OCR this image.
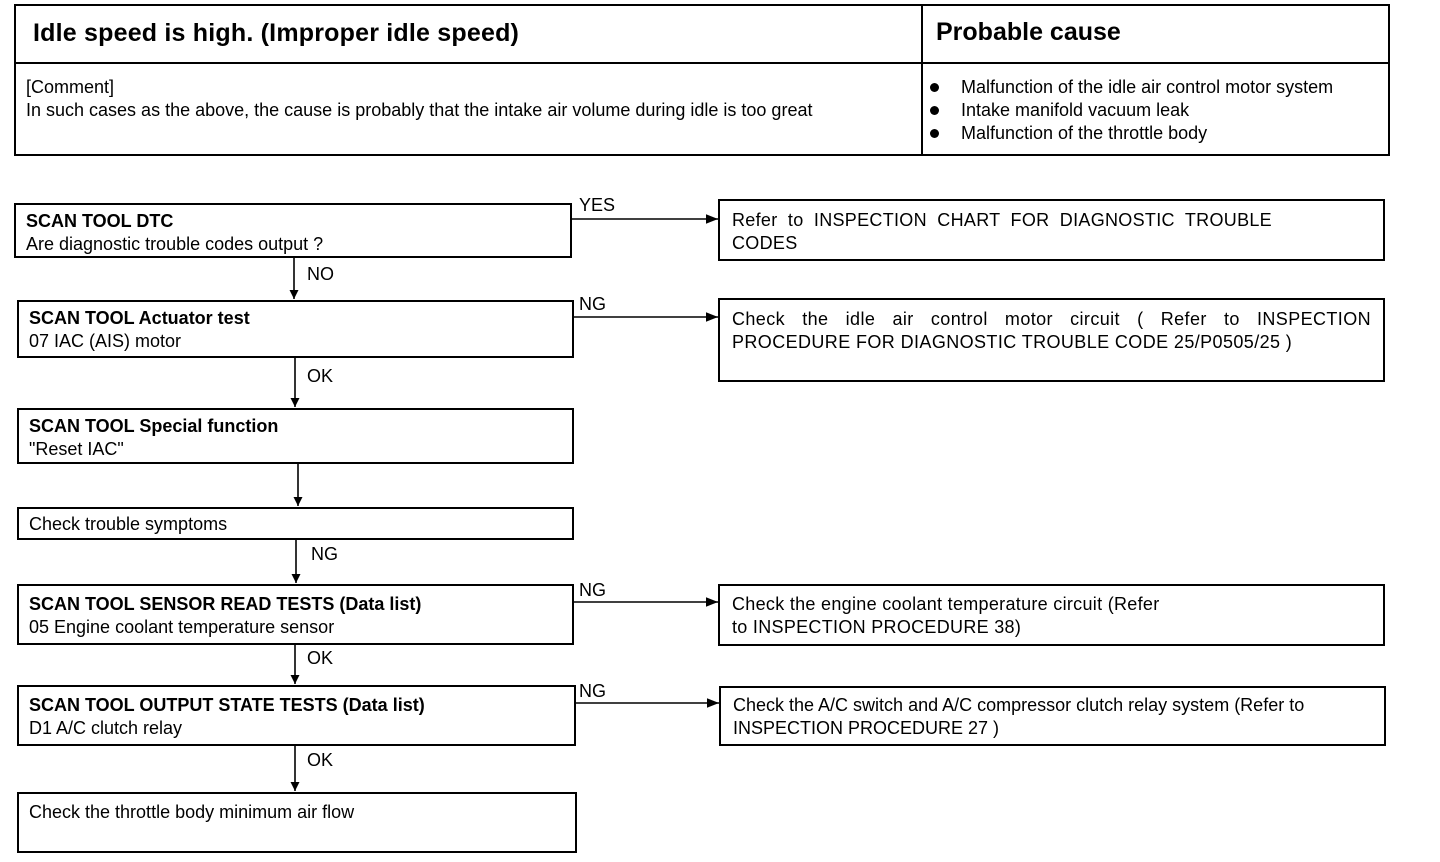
Idle speed is high. (Improper idle speed)	Probable cause
[Comment]
In such cases as the above, the cause is probably that the intake air volume during idle is too great
Malfunction of the idle air control motor system
Intake manifold vacuum leak
Malfunction of the throttle body
SCAN TOOL DTC
Are diagnostic trouble codes output ?
SCAN TOOL Actuator test
07 IAC (AIS) motor
SCAN TOOL Special function
"Reset IAC"
Check trouble symptoms
SCAN TOOL SENSOR READ TESTS (Data list)
05 Engine coolant temperature sensor
SCAN TOOL OUTPUT STATE TESTS (Data list)
D1 A/C clutch relay
Check the throttle body minimum air flow
Refer to INSPECTION CHART FOR DIAGNOSTIC TROUBLE CODES
Check the idle air control motor circuit ( Refer to INSPECTION PROCEDURE FOR DIAGNOSTIC TROUBLE CODE 25/P0505/25 )
Check the engine coolant temperature circuit (Refer to INSPECTION PROCEDURE 38)
Check the A/C switch and A/C compressor clutch relay system (Refer to INSPECTION PROCEDURE 27 )
YES
NO
NG
OK
NG
NG
OK
NG
OK
